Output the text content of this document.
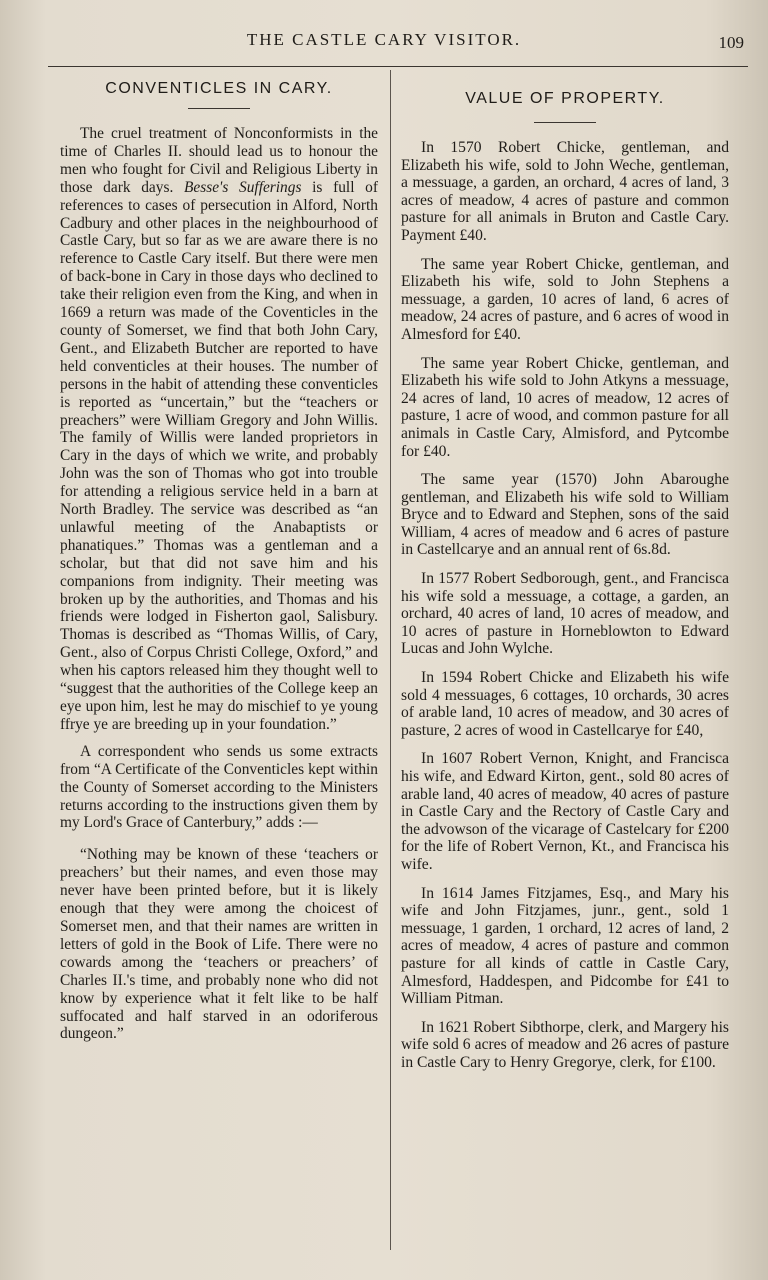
THE CASTLE CARY VISITOR.	109
CONVENTICLES IN CARY.

The cruel treatment of Nonconformists in the time of Charles II. should lead us to honour the men who fought for Civil and Religious Liberty in those dark days. Besse's Sufferings is full of references to cases of persecution in Alford, North Cadbury and other places in the neighbourhood of Castle Cary, but so far as we are aware there is no reference to Castle Cary itself. But there were men of back-bone in Cary in those days who declined to take their religion even from the King, and when in 1669 a return was made of the Coventicles in the county of Somerset, we find that both John Cary, Gent., and Elizabeth Butcher are reported to have held conventicles at their houses. The number of persons in the habit of attending these conventicles is reported as “uncertain,” but the “teachers or preachers” were William Gregory and John Willis. The family of Willis were landed proprietors in Cary in the days of which we write, and probably John was the son of Thomas who got into trouble for attending a religious service held in a barn at North Bradley. The service was described as “an unlawful meeting of the Anabaptists or phanatiques.” Thomas was a gentleman and a scholar, but that did not save him and his companions from indignity. Their meeting was broken up by the authorities, and Thomas and his friends were lodged in Fisherton gaol, Salisbury. Thomas is described as “Thomas Willis, of Cary, Gent., also of Corpus Christi College, Oxford,” and when his captors released him they thought well to “suggest that the authorities of the College keep an eye upon him, lest he may do mischief to ye young ffrye ye are breeding up in your foundation.”

A correspondent who sends us some extracts from “A Certificate of the Conventicles kept within the County of Somerset according to the Ministers returns according to the instructions given them by my Lord's Grace of Canterbury,” adds :—

“Nothing may be known of these ‘teachers or preachers’ but their names, and even those may never have been printed before, but it is likely enough that they were among the choicest of Somerset men, and that their names are written in letters of gold in the Book of Life. There were no cowards among the ‘teachers or preachers’ of Charles II.'s time, and probably none who did not know by experience what it felt like to be half suffocated and half starved in an odoriferous dungeon.”

VALUE OF PROPERTY.

In 1570 Robert Chicke, gentleman, and Elizabeth his wife, sold to John Weche, gentleman, a messuage, a garden, an orchard, 4 acres of land, 3 acres of meadow, 4 acres of pasture and common pasture for all animals in Bruton and Castle Cary. Payment £40.

The same year Robert Chicke, gentleman, and Elizabeth his wife, sold to John Stephens a messuage, a garden, 10 acres of land, 6 acres of meadow, 24 acres of pasture, and 6 acres of wood in Almesford for £40.

The same year Robert Chicke, gentleman, and Elizabeth his wife sold to John Atkyns a messuage, 24 acres of land, 10 acres of meadow, 12 acres of pasture, 1 acre of wood, and common pasture for all animals in Castle Cary, Almisford, and Pytcombe for £40.

The same year (1570) John Abaroughe gentleman, and Elizabeth his wife sold to William Bryce and to Edward and Stephen, sons of the said William, 4 acres of meadow and 6 acres of pasture in Castellcarye and an annual rent of 6s.8d.

In 1577 Robert Sedborough, gent., and Francisca his wife sold a messuage, a cottage, a garden, an orchard, 40 acres of land, 10 acres of meadow, and 10 acres of pasture in Horneblowton to Edward Lucas and John Wylche.

In 1594 Robert Chicke and Elizabeth his wife sold 4 messuages, 6 cottages, 10 orchards, 30 acres of arable land, 10 acres of meadow, and 30 acres of pasture, 2 acres of wood in Castellcarye for £40,

In 1607 Robert Vernon, Knight, and Francisca his wife, and Edward Kirton, gent., sold 80 acres of arable land, 40 acres of meadow, 40 acres of pasture in Castle Cary and the Rectory of Castle Cary and the advowson of the vicarage of Castelcary for £200 for the life of Robert Vernon, Kt., and Francisca his wife.

In 1614 James Fitzjames, Esq., and Mary his wife and John Fitzjames, junr., gent., sold 1 messuage, 1 garden, 1 orchard, 12 acres of land, 2 acres of meadow, 4 acres of pasture and common pasture for all kinds of cattle in Castle Cary, Almesford, Haddespen, and Pidcombe for £41 to William Pitman.

In 1621 Robert Sibthorpe, clerk, and Margery his wife sold 6 acres of meadow and 26 acres of pasture in Castle Cary to Henry Gregorye, clerk, for £100.
